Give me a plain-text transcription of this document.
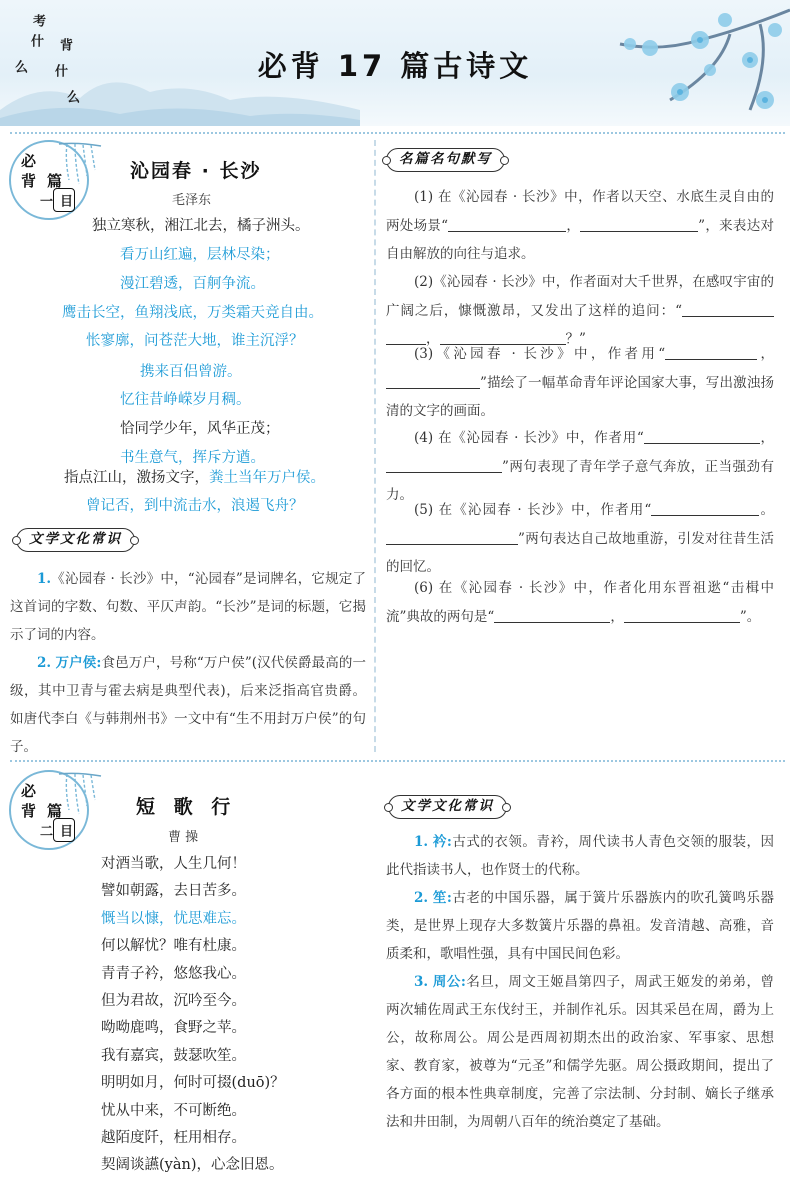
考
什
么
背
什
么
必背 17 篇古诗文
必
背 篇
目一
沁园春 · 长沙
毛泽东
独立寒秋，湘江北去，橘子洲头。
看万山红遍，层林尽染；
漫江碧透，百舸争流。
鹰击长空，鱼翔浅底，万类霜天竞自由。
怅寥廓，问苍茫大地，谁主沉浮？
携来百侣曾游。
忆往昔峥嵘岁月稠。
恰同学少年，风华正茂；
书生意气，挥斥方遒。
指点江山，激扬文字，粪土当年万户侯。
曾记否，到中流击水，浪遏飞舟？
文学文化常识
1.《沁园春 · 长沙》中，“沁园春”是词牌名，它规定了这首词的字数、句数、平仄声韵。“长沙”是词的标题，它揭示了词的内容。
2. 万户侯:食邑万户，号称“万户侯”(汉代侯爵最高的一级，其中卫青与霍去病是典型代表)，后来泛指高官贵爵。如唐代李白《与韩荆州书》一文中有“生不用封万户侯”的句子。
名篇名句默写
(1) 在《沁园春 · 长沙》中，作者以天空、水底生灵自由的两处场景“	，	”，来表达对自由解放的向往与追求。
(2)《沁园春 · 长沙》中，作者面对大千世界，在感叹宇宙的广阔之后，慷慨激昂，又发出了这样的追问：“，	？”
(3)《沁园春 · 长沙》中，作者用“	，”描绘了一幅革命青年评论国家大事，写出激浊扬清的文字的画面。
(4) 在《沁园春 · 长沙》中，作者用“	，”两句表现了青年学子意气奔放，正当强劲有力。
(5) 在《沁园春 · 长沙》中，作者用“	。”两句表达自己故地重游，引发对往昔生活的回忆。
(6) 在《沁园春 · 长沙》中，作者化用东晋祖逖“击楫中流”典故的两句是“	，	”。
必
背 篇
目二
短 歌 行
曹 操
对酒当歌，人生几何！
譬如朝露，去日苦多。
慨当以慷，忧思难忘。
何以解忧？唯有杜康。
青青子衿，悠悠我心。
但为君故，沉吟至今。
呦呦鹿鸣，食野之苹。
我有嘉宾，鼓瑟吹笙。
明明如月，何时可掇(duō)？
忧从中来，不可断绝。
越陌度阡，枉用相存。
契阔谈讌(yàn)，心念旧恩。
文学文化常识
1. 衿:古式的衣领。青衿，周代读书人青色交领的服装，因此代指读书人，也作贤士的代称。
2. 笙:古老的中国乐器，属于簧片乐器族内的吹孔簧鸣乐器类，是世界上现存大多数簧片乐器的鼻祖。发音清越、高雅，音质柔和，歌唱性强，具有中国民间色彩。
3. 周公:名旦，周文王姬昌第四子，周武王姬发的弟弟，曾两次辅佐周武王东伐纣王，并制作礼乐。因其采邑在周，爵为上公，故称周公。周公是西周初期杰出的政治家、军事家、思想家、教育家，被尊为“元圣”和儒学先驱。周公摄政期间，提出了各方面的根本性典章制度，完善了宗法制、分封制、嫡长子继承法和井田制，为周朝八百年的统治奠定了基础。
